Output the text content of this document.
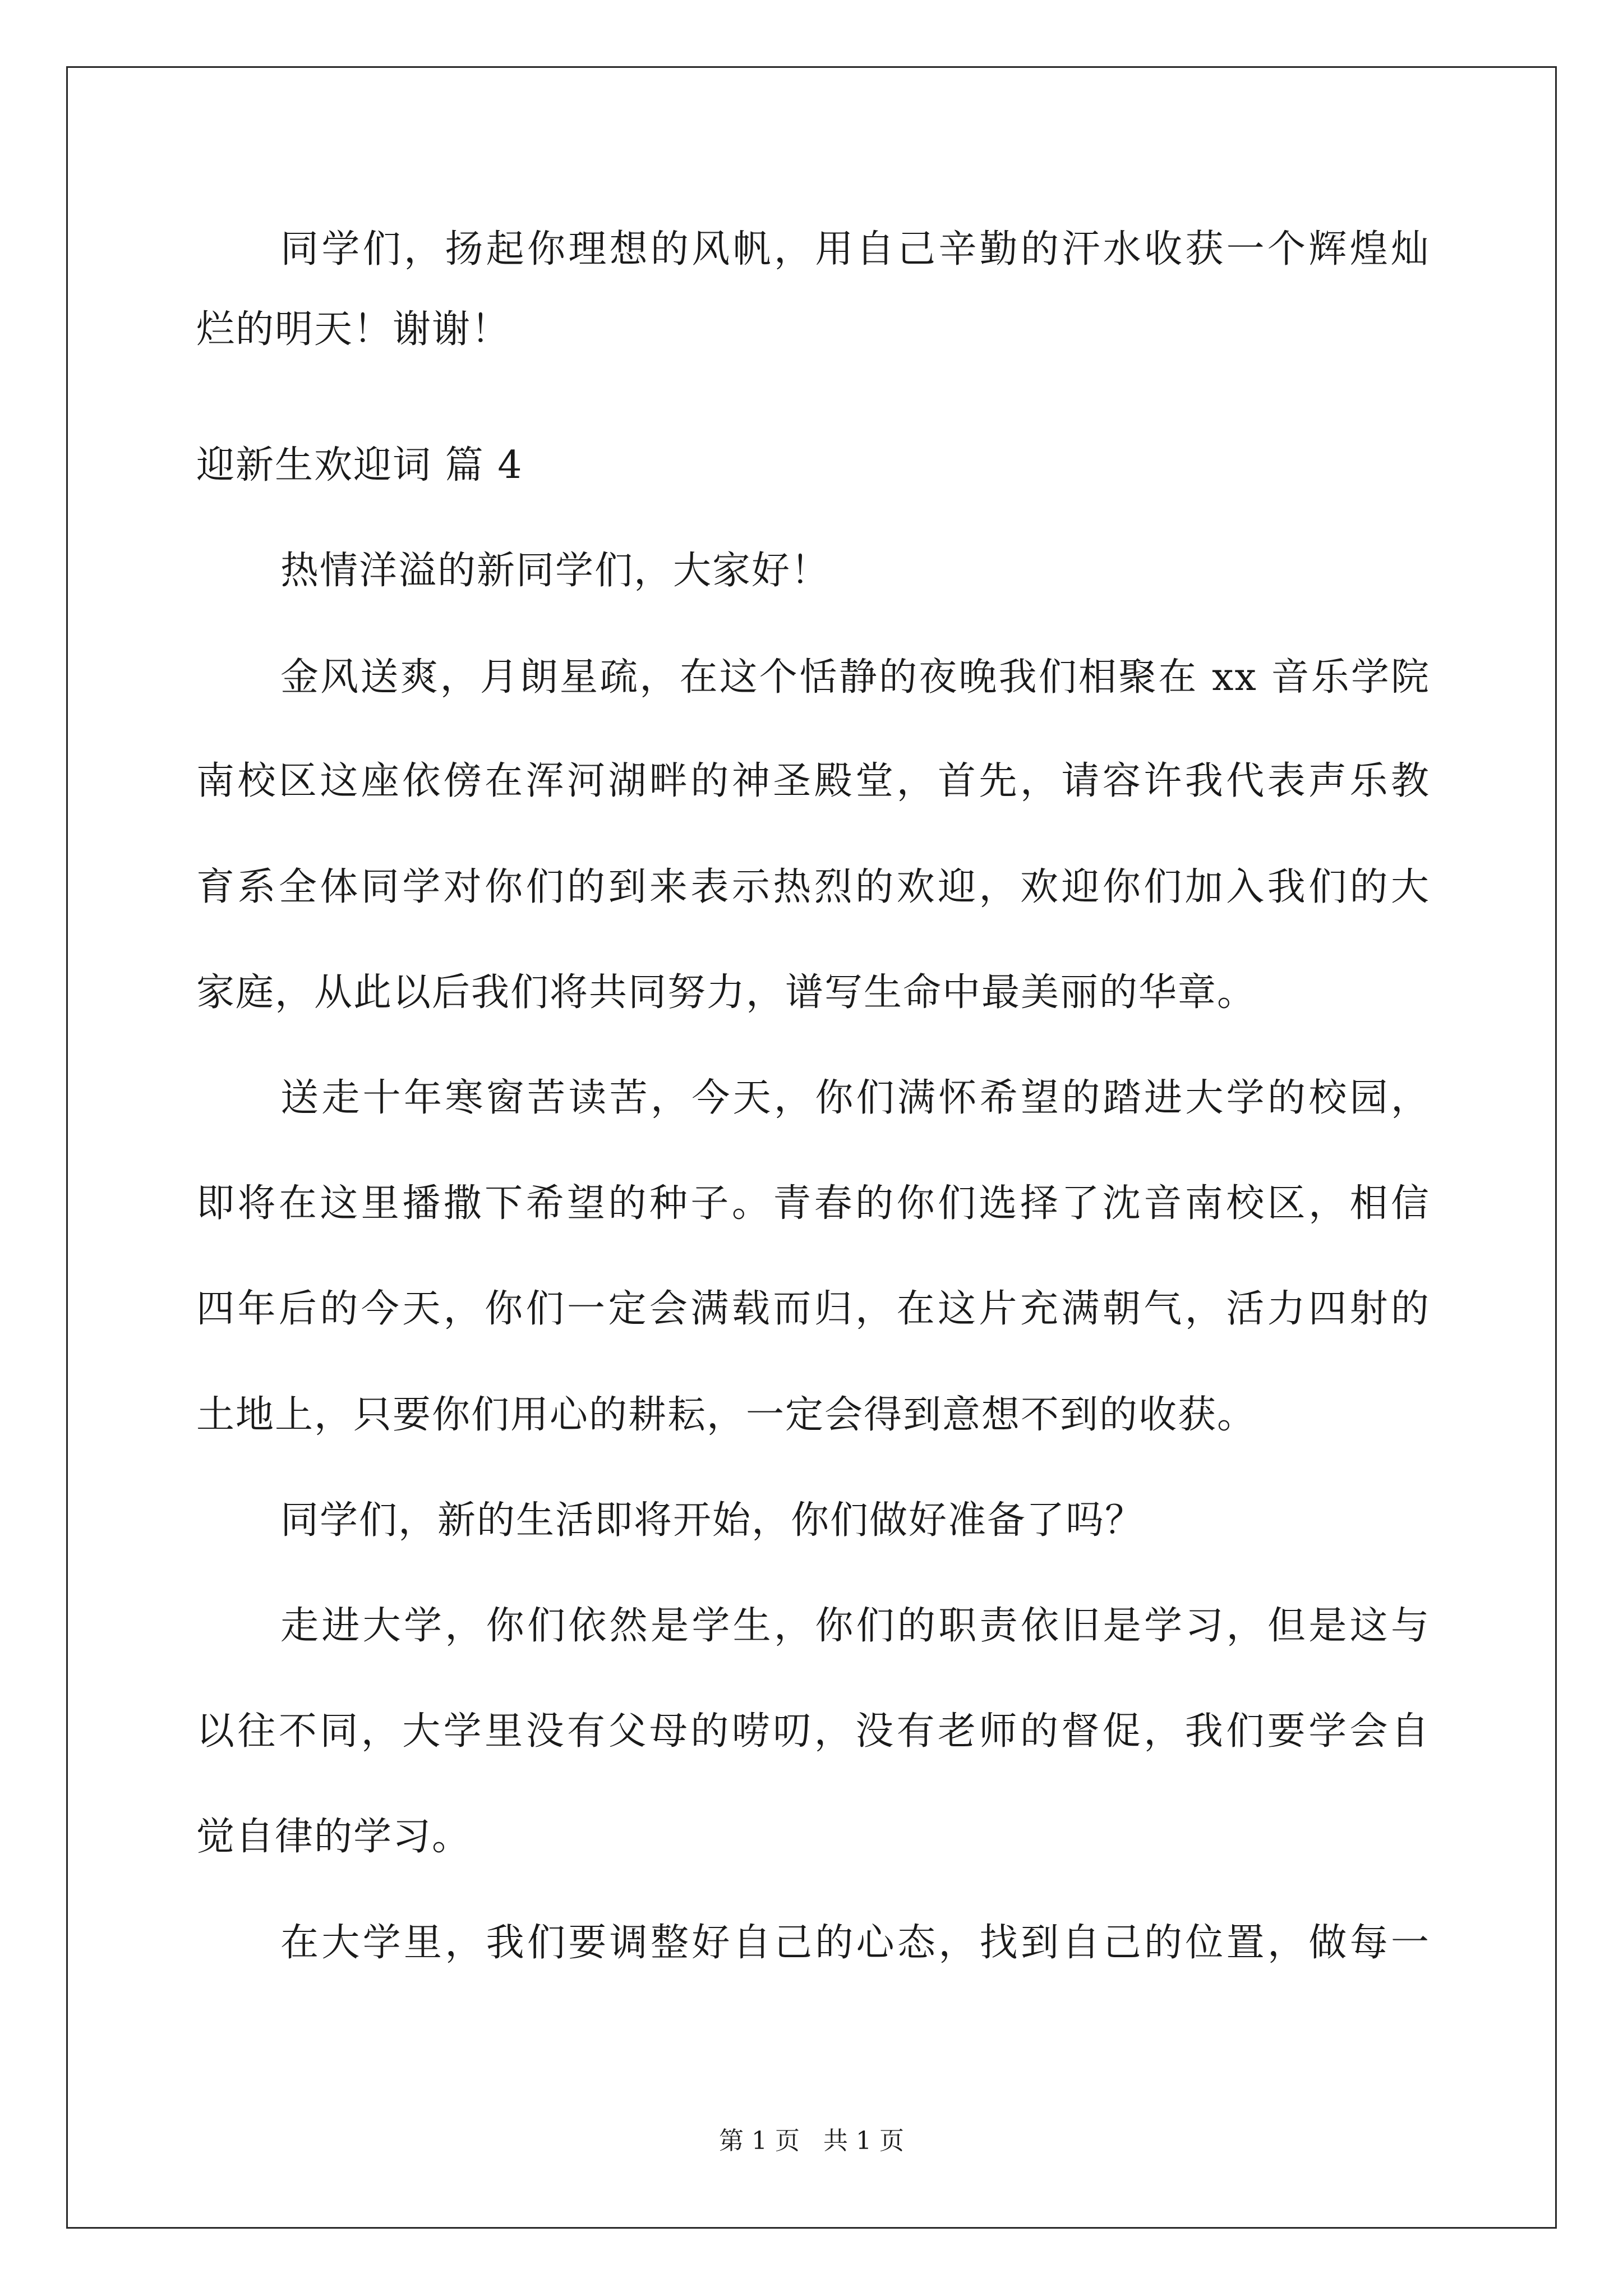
同学们，扬起你理想的风帆，用自己辛勤的汗水收获一个辉煌灿
烂的明天！谢谢！
迎新生欢迎词 篇 4
热情洋溢的新同学们，大家好！
金风送爽，月朗星疏，在这个恬静的夜晚我们相聚在 xx 音乐学院
南校区这座依傍在浑河湖畔的神圣殿堂，首先，请容许我代表声乐教
育系全体同学对你们的到来表示热烈的欢迎，欢迎你们加入我们的大
家庭，从此以后我们将共同努力，谱写生命中最美丽的华章。
送走十年寒窗苦读苦，今天，你们满怀希望的踏进大学的校园，
即将在这里播撒下希望的种子。青春的你们选择了沈音南校区，相信
四年后的今天，你们一定会满载而归，在这片充满朝气，活力四射的
土地上，只要你们用心的耕耘，一定会得到意想不到的收获。
同学们，新的生活即将开始，你们做好准备了吗？
走进大学，你们依然是学生，你们的职责依旧是学习，但是这与
以往不同，大学里没有父母的唠叨，没有老师的督促，我们要学会自
觉自律的学习。
在大学里，我们要调整好自己的心态，找到自己的位置，做每一
第 1 页 共 1 页
